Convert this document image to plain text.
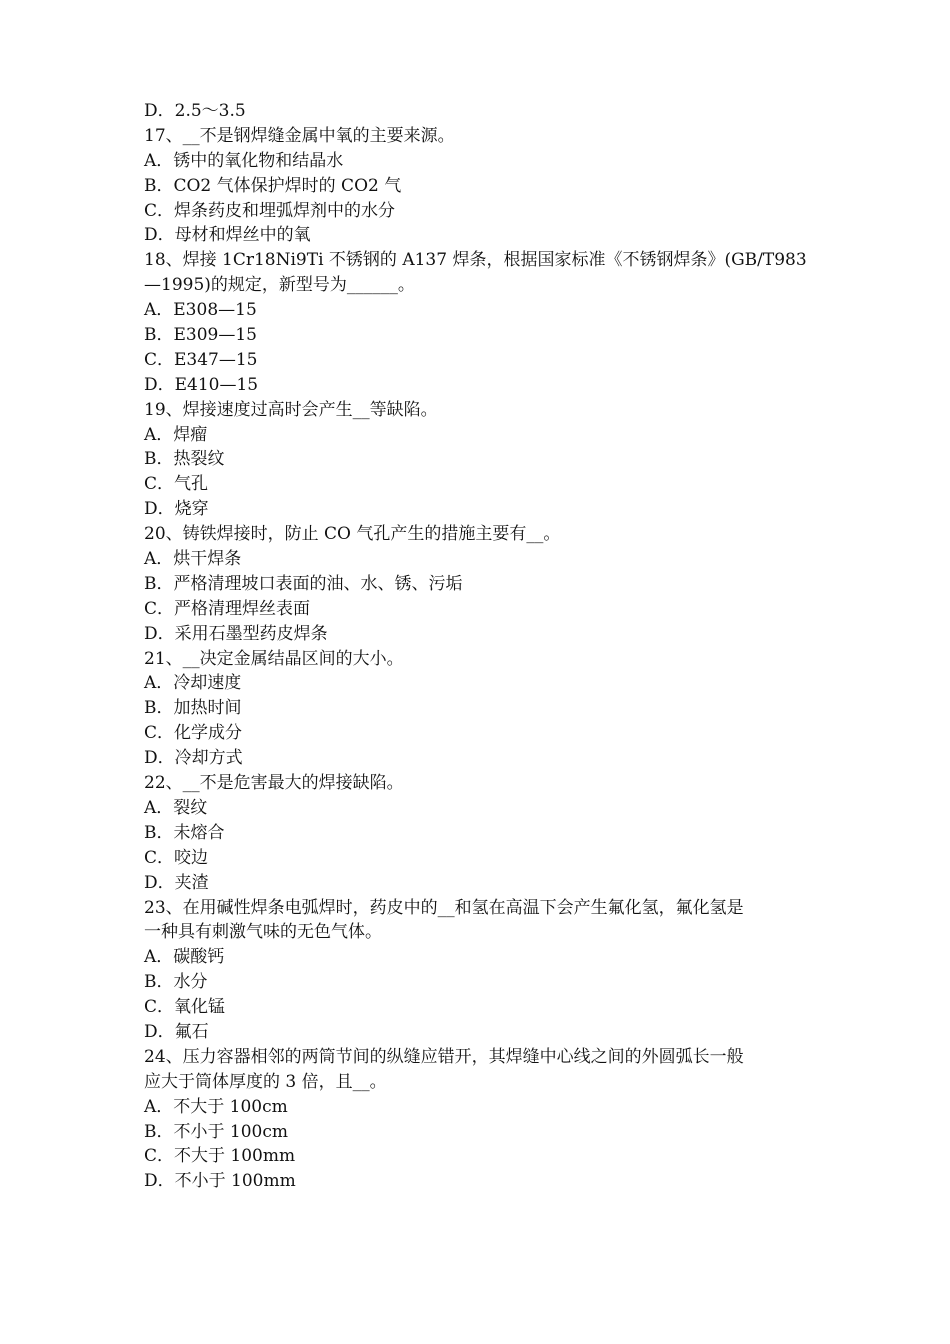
D．2.5～3.5
17、__不是钢焊缝金属中氧的主要来源。
A．锈中的氧化物和结晶水
B．CO2 气体保护焊时的 CO2 气
C．焊条药皮和埋弧焊剂中的水分
D．母材和焊丝中的氧
18、焊接 1Cr18Ni9Ti 不锈钢的 A137 焊条，根据国家标准《不锈钢焊条》(GB/T983
—1995)的规定，新型号为______。
A．E308—15
B．E309—15
C．E347—15
D．E410—15
19、焊接速度过高时会产生__等缺陷。
A．焊瘤
B．热裂纹
C．气孔
D．烧穿
20、铸铁焊接时，防止 CO 气孔产生的措施主要有__。
A．烘干焊条
B．严格清理坡口表面的油、水、锈、污垢
C．严格清理焊丝表面
D．采用石墨型药皮焊条
21、__决定金属结晶区间的大小。
A．冷却速度
B．加热时间
C．化学成分
D．冷却方式
22、__不是危害最大的焊接缺陷。
A．裂纹
B．未熔合
C．咬边
D．夹渣
23、在用碱性焊条电弧焊时，药皮中的__和氢在高温下会产生氟化氢，氟化氢是
一种具有刺激气味的无色气体。
A．碳酸钙
B．水分
C．氧化锰
D．氟石
24、压力容器相邻的两筒节间的纵缝应错开，其焊缝中心线之间的外圆弧长一般
应大于筒体厚度的 3 倍，且__。
A．不大于 100cm
B．不小于 100cm
C．不大于 100mm
D．不小于 100mm
